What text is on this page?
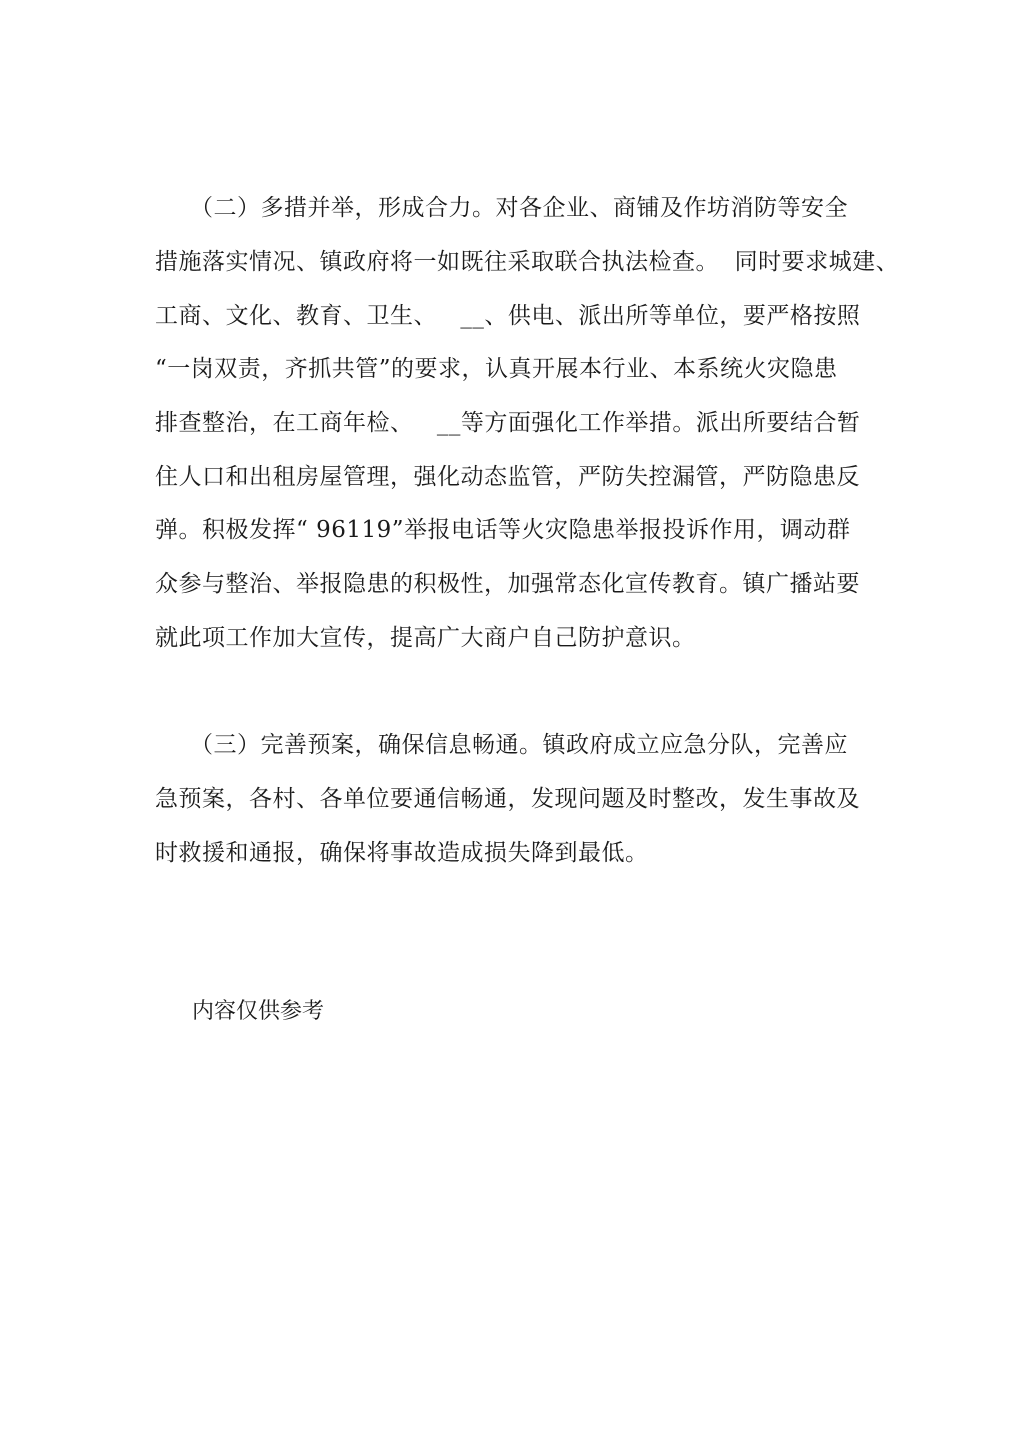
（二）多措并举，形成合力。对各企业、商铺及作坊消防等安全
措施落实情况、镇政府将一如既往采取联合执法检查。  同时要求城建、
工商、文化、教育、卫生、   __、供电、派出所等单位，要严格按照
“一岗双责，齐抓共管”的要求，认真开展本行业、本系统火灾隐患
排查整治，在工商年检、   __等方面强化工作举措。派出所要结合暂
住人口和出租房屋管理，强化动态监管，严防失控漏管，严防隐患反
弹。积极发挥“ 96119”举报电话等火灾隐患举报投诉作用，调动群
众参与整治、举报隐患的积极性，加强常态化宣传教育。镇广播站要
就此项工作加大宣传，提高广大商户自己防护意识。
（三）完善预案，确保信息畅通。镇政府成立应急分队，完善应
急预案，各村、各单位要通信畅通，发现问题及时整改，发生事故及
时救援和通报，确保将事故造成损失降到最低。
内容仅供参考
